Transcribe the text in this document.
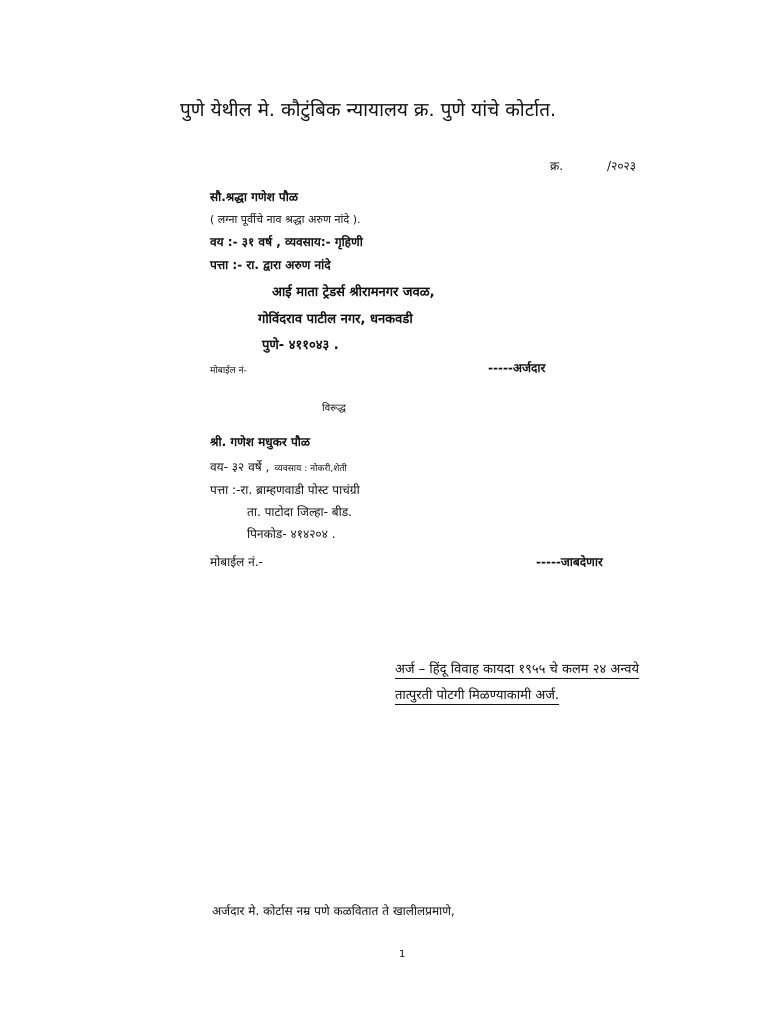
पुणे येथील मे. कौटुंबिक न्यायालय क्र. पुणे यांचे कोर्टात.
क्र.	/२०२३
सौ.श्रद्धा गणेश पौळ
( लग्ना पूर्वीचे नाव श्रद्धा अरुण नांदे ).
वय :- ३१ वर्ष , व्यवसाय:- गृहिणी
पत्ता :- रा. द्वारा अरुण नांदे
आई माता ट्रेडर्स श्रीरामनगर जवळ,
गोविंदराव पाटील नगर, धनकवडी
पुणे- ४११०४३ .
मोबाईल नं-	-----अर्जदार
विरूद्ध
श्री. गणेश मधुकर पौळ
वय- ३२ वर्षे , व्यवसाय : नोकरी,शेती
पत्ता :-रा. ब्राम्हणवाडी पोस्ट पाचंग्री
ता. पाटोदा जिल्हा- बीड.
पिनकोड- ४१४२०४ .
मोबाईल नं.-	-----जाबदेणार
अर्ज – हिंदू विवाह कायदा १९५५ चे कलम २४ अन्वये तात्पुरती पोटगी मिळण्याकामी अर्ज.
अर्जदार मे. कोर्टास नम्र पणे कळवितात ते खालीलप्रमाणे,
1
